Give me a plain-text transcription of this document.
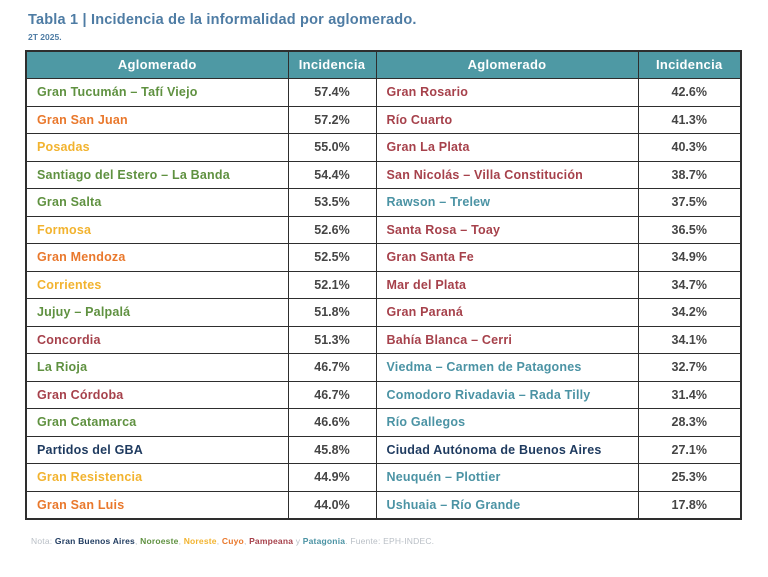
Tabla 1 | Incidencia de la informalidad por aglomerado.
2T 2025.
Aglomerado	Incidencia	Aglomerado	Incidencia
Gran Tucumán – Tafí Viejo	57.4%	Gran Rosario	42.6%
Gran San Juan	57.2%	Río Cuarto	41.3%
Posadas	55.0%	Gran La Plata	40.3%
Santiago del Estero – La Banda	54.4%	San Nicolás – Villa Constitución	38.7%
Gran Salta	53.5%	Rawson – Trelew	37.5%
Formosa	52.6%	Santa Rosa – Toay	36.5%
Gran Mendoza	52.5%	Gran Santa Fe	34.9%
Corrientes	52.1%	Mar del Plata	34.7%
Jujuy – Palpalá	51.8%	Gran Paraná	34.2%
Concordia	51.3%	Bahía Blanca – Cerri	34.1%
La Rioja	46.7%	Viedma – Carmen de Patagones	32.7%
Gran Córdoba	46.7%	Comodoro Rivadavia – Rada Tilly	31.4%
Gran Catamarca	46.6%	Río Gallegos	28.3%
Partidos del GBA	45.8%	Ciudad Autónoma de Buenos Aires	27.1%
Gran Resistencia	44.9%	Neuquén – Plottier	25.3%
Gran San Luis	44.0%	Ushuaia – Río Grande	17.8%
Nota: Gran Buenos Aires, Noroeste, Noreste, Cuyo, Pampeana y Patagonia. Fuente: EPH-INDEC.
